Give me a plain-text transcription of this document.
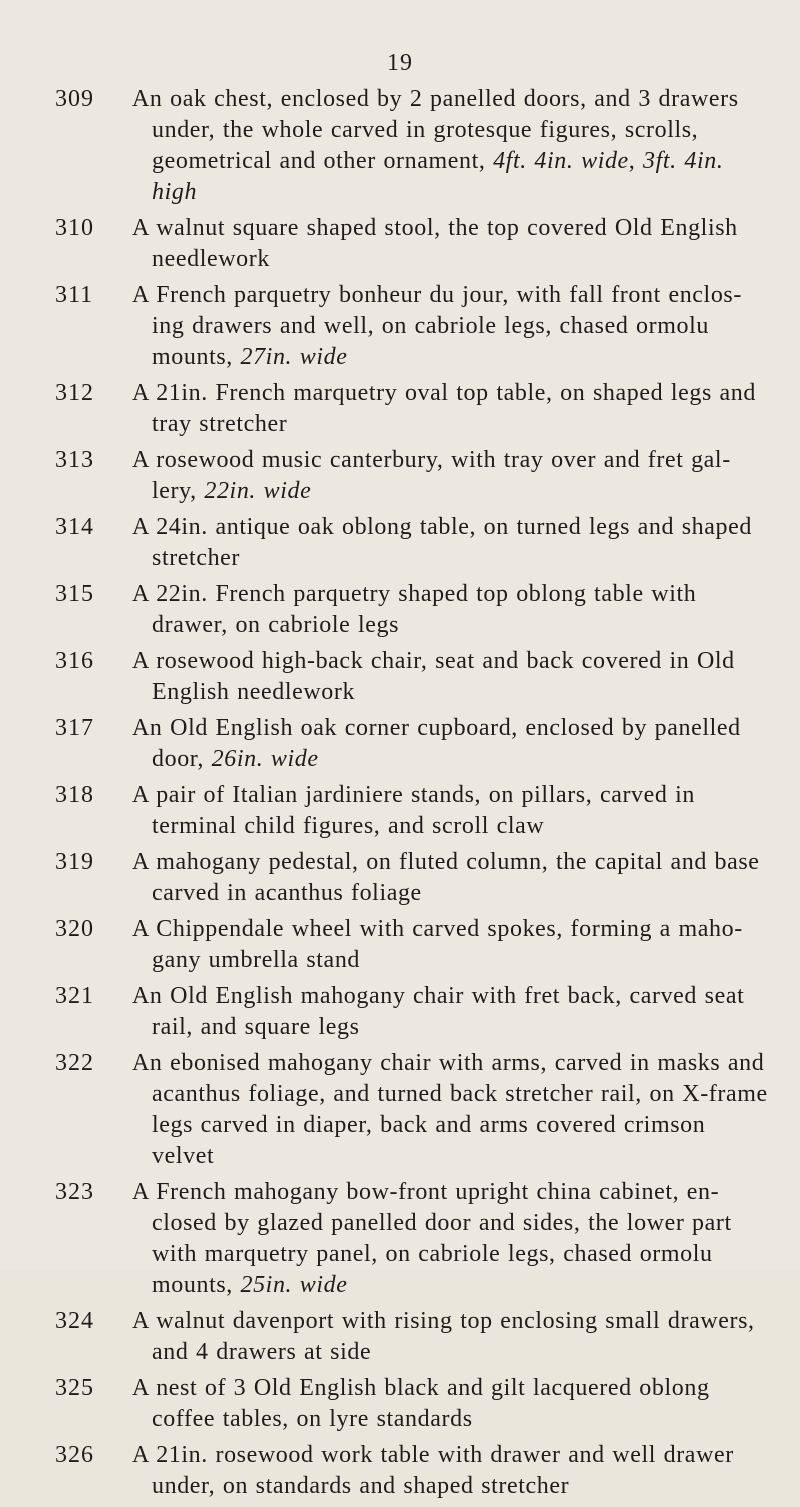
19
309	An oak chest, enclosed by 2 panelled doors, and 3 drawers under, the whole carved in grotesque figures, scrolls, geometrical and other ornament, 4ft. 4in. wide, 3ft. 4in. high
310	A walnut square shaped stool, the top covered Old English needlework
311	A French parquetry bonheur du jour, with fall front enclos- ing drawers and well, on cabriole legs, chased ormolu mounts, 27in. wide
312	A 21in. French marquetry oval top table, on shaped legs and tray stretcher
313	A rosewood music canterbury, with tray over and fret gal- lery, 22in. wide
314	A 24in. antique oak oblong table, on turned legs and shaped stretcher
315	A 22in. French parquetry shaped top oblong table with drawer, on cabriole legs
316	A rosewood high-back chair, seat and back covered in Old English needlework
317	An Old English oak corner cupboard, enclosed by panelled door, 26in. wide
318	A pair of Italian jardiniere stands, on pillars, carved in terminal child figures, and scroll claw
319	A mahogany pedestal, on fluted column, the capital and base carved in acanthus foliage
320	A Chippendale wheel with carved spokes, forming a maho- gany umbrella stand
321	An Old English mahogany chair with fret back, carved seat rail, and square legs
322	An ebonised mahogany chair with arms, carved in masks and acanthus foliage, and turned back stretcher rail, on X-frame legs carved in diaper, back and arms covered crimson velvet
323	A French mahogany bow-front upright china cabinet, en- closed by glazed panelled door and sides, the lower part with marquetry panel, on cabriole legs, chased ormolu mounts, 25in. wide
324	A walnut davenport with rising top enclosing small drawers, and 4 drawers at side
325	A nest of 3 Old English black and gilt lacquered oblong coffee tables, on lyre standards
326	A 21in. rosewood work table with drawer and well drawer under, on standards and shaped stretcher
